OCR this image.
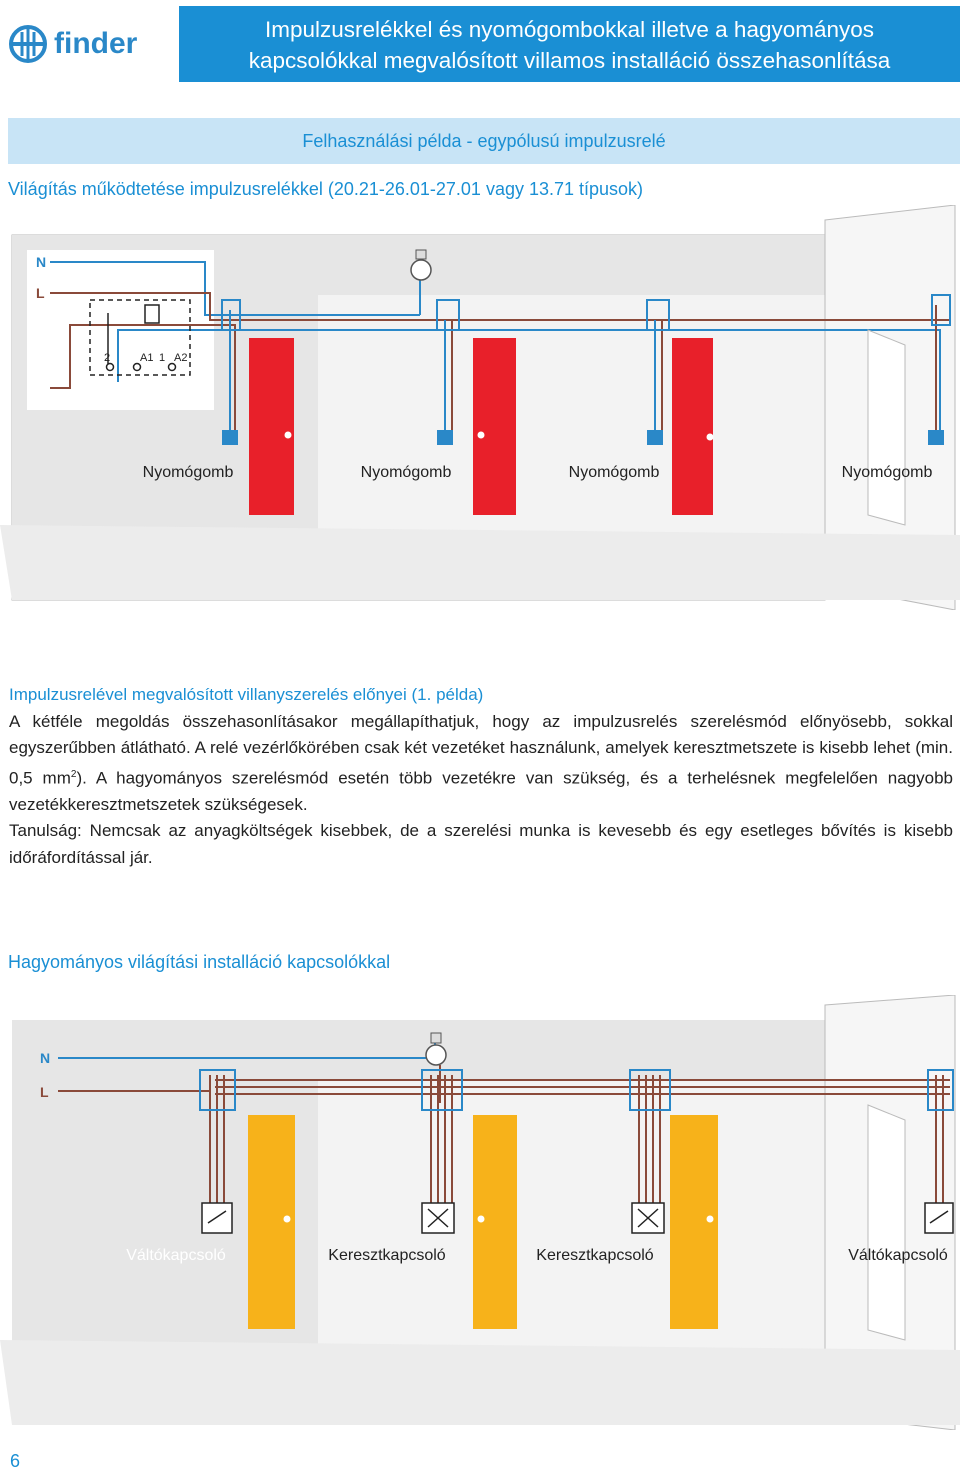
finder	Impulzusrelékkel és nyomógombokkal illetve a hagyományos
kapcsolókkal megvalósított villamos installáció összehasonlítása
Felhasználási példa - egypólusú impulzusrelé
Világítás működtetése impulzusrelékkel (20.21-26.01-27.01 vagy 13.71 típusok)
N
L
2	A1 1 A2
Nyomógomb	Nyomógomb	Nyomógomb	Nyomógomb

Impulzusrelével megvalósított villanyszerelés előnyei (1. példa)

A kétféle megoldás összehasonlításakor megállapíthatjuk, hogy az impulzusrelés szerelésmód előnyösebb, sokkal egyszerűbben átlátható. A relé vezérlőkörében csak két vezetéket használunk, amelyek keresztmetszete is kisebb lehet (min. 0,5 $mm^2$). A hagyományos szerelésmód esetén több vezetékre van szükség, és a terhelésnek megfelelően nagyobb vezetékkeresztmetszetek szükségesek.

Tanulság: Nemcsak az anyagköltségek kisebbek, de a szerelési munka is kevesebb és egy esetleges bővítés is kisebb időráfordítással jár.

Hagyományos világítási installáció kapcsolókkal
N
L
Váltókapcsoló	Keresztkapcsoló	Keresztkapcsoló	Váltókapcsoló
6
